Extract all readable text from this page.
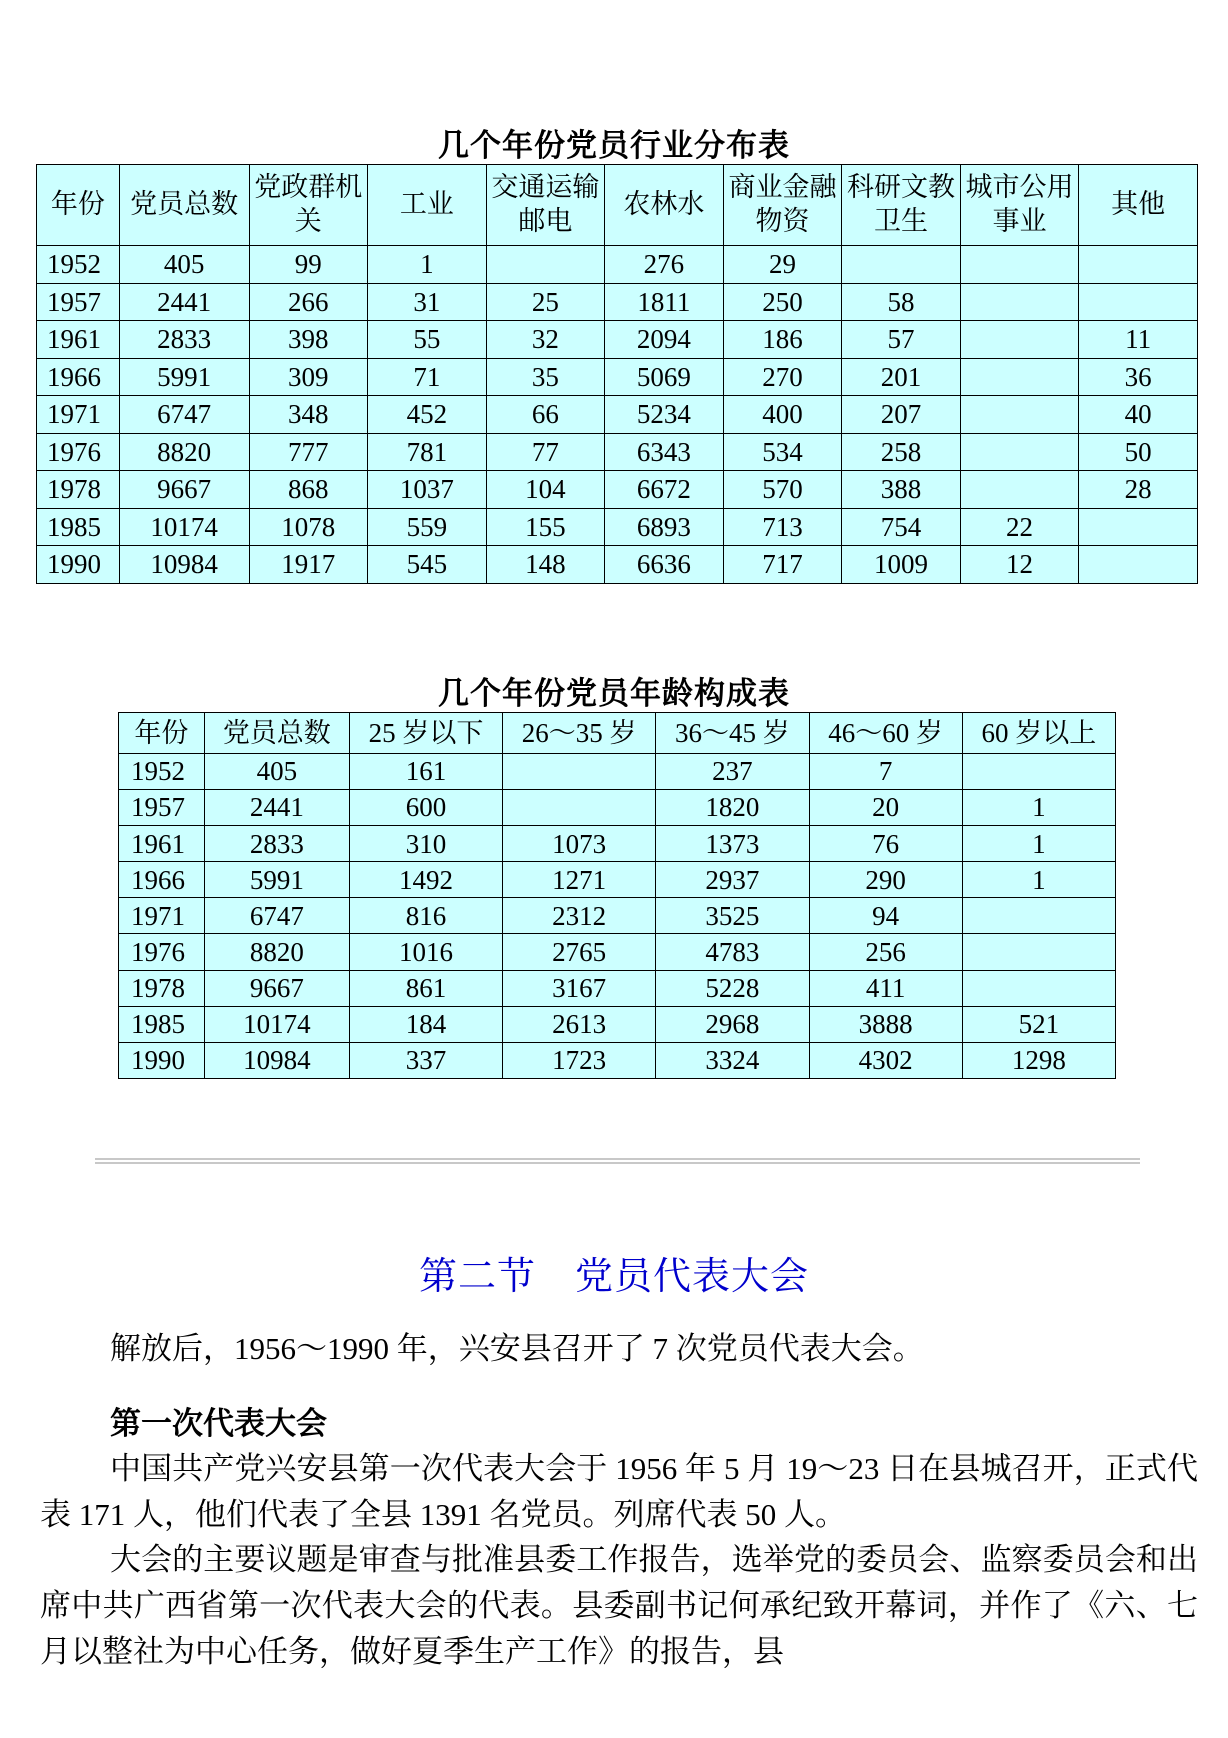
几个年份党员行业分布表
年份	党员总数	党政群机关	工业	交通运输邮电	农林水	商业金融物资	科研文教卫生	城市公用事业	其他
1952	405	99	1		276	29			
1957	2441	266	31	25	1811	250	58		
1961	2833	398	55	32	2094	186	57		11
1966	5991	309	71	35	5069	270	201		36
1971	6747	348	452	66	5234	400	207		40
1976	8820	777	781	77	6343	534	258		50
1978	9667	868	1037	104	6672	570	388		28
1985	10174	1078	559	155	6893	713	754	22	
1990	10984	1917	545	148	6636	717	1009	12	
几个年份党员年龄构成表
年份	党员总数	25 岁以下	26～35 岁	36～45 岁	46～60 岁	60 岁以上
1952	405	161		237	7	
1957	2441	600		1820	20	1
1961	2833	310	1073	1373	76	1
1966	5991	1492	1271	2937	290	1
1971	6747	816	2312	3525	94	
1976	8820	1016	2765	4783	256	
1978	9667	861	3167	5228	411	
1985	10174	184	2613	2968	3888	521
1990	10984	337	1723	3324	4302	1298
第二节　党员代表大会
解放后，1956～1990 年，兴安县召开了 7 次党员代表大会。
第一次代表大会
中国共产党兴安县第一次代表大会于 1956 年 5 月 19～23 日在县城召开，正式代表 171 人，他们代表了全县 1391 名党员。列席代表 50 人。
大会的主要议题是审查与批准县委工作报告，选举党的委员会、监察委员会和出席中共广西省第一次代表大会的代表。县委副书记何承纪致开幕词，并作了《六、七月以整社为中心任务，做好夏季生产工作》的报告，县
